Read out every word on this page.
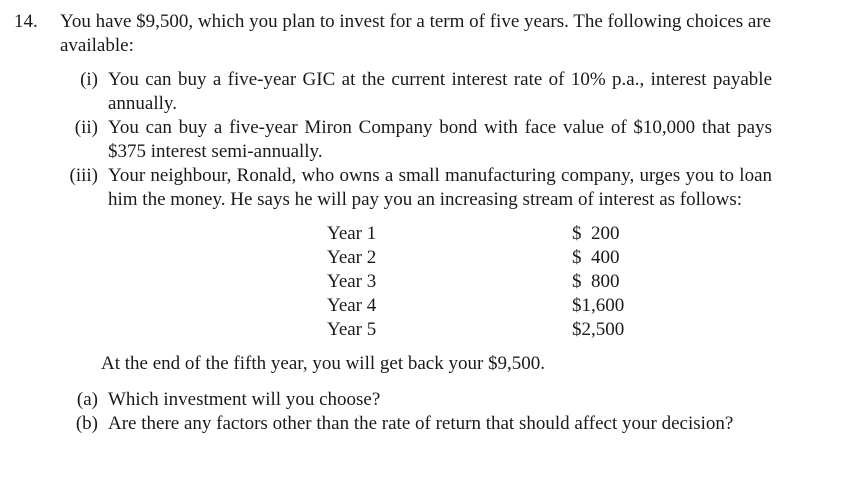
14. You have $9,500, which you plan to invest for a term of five years. The following choices are available:
(i) You can buy a five-year GIC at the current interest rate of 10% p.a., interest payable annually.
(ii) You can buy a five-year Miron Company bond with face value of $10,000 that pays $375 interest semi-annually.
(iii) Your neighbour, Ronald, who owns a small manufacturing company, urges you to loan him the money. He says he will pay you an increasing stream of interest as follows:
Year 1	$  200
Year 2	$  400
Year 3	$  800
Year 4	$1,600
Year 5	$2,500
At the end of the fifth year, you will get back your $9,500.
(a) Which investment will you choose?
(b) Are there any factors other than the rate of return that should affect your decision?
